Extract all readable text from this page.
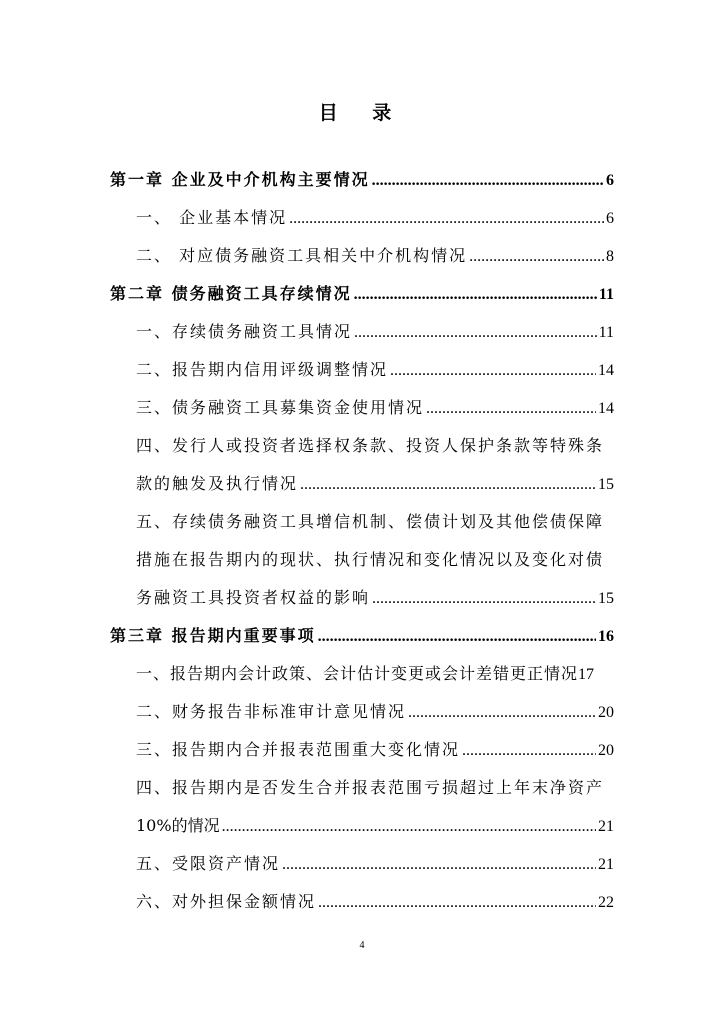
目 录
第一章 企业及中介机构主要情况 .....	6
一、 企业基本情况 .....	6
二、 对应债务融资工具相关中介机构情况 .....	8
第二章 债务融资工具存续情况 .....	11
一、存续债务融资工具情况 .....	11
二、报告期内信用评级调整情况 .....	14
三、债务融资工具募集资金使用情况 .....	14
四、发行人或投资者选择权条款、投资人保护条款等特殊条
款的触发及执行情况 .....	15
五、存续债务融资工具增信机制、偿债计划及其他偿债保障
措施在报告期内的现状、执行情况和变化情况以及变化对债
务融资工具投资者权益的影响 .....	15
第三章 报告期内重要事项 .....	16
一、报告期内会计政策、会计估计变更或会计差错更正情况 17
二、财务报告非标准审计意见情况 .....	20
三、报告期内合并报表范围重大变化情况 .....	20
四、报告期内是否发生合并报表范围亏损超过上年末净资产
10%的情况 .....	21
五、受限资产情况 .....	21
六、对外担保金额情况 .....	22
4
